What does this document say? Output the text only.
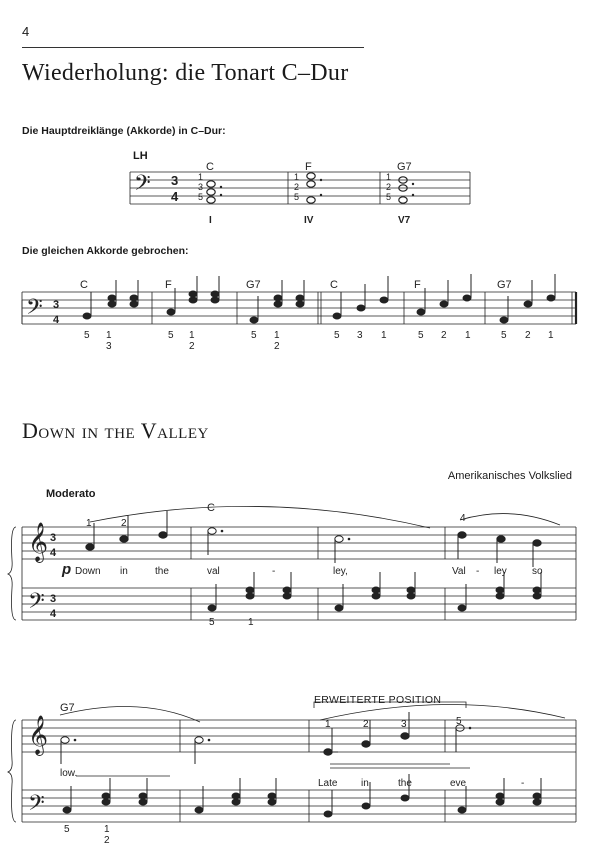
4
Wiederholung: die Tonart C–Dur
Die Hauptdreiklänge (Akkorde) in C–Dur:
LH
Die gleichen Akkorde gebrochen:
Down in the Valley
Amerikanisches Volkslied
Moderato
ERWEITERTE POSITION
𝄢 3
4
𝄢 3
4
𝄞 3
4
𝄢 3
4
𝄞
𝄢
C	F	G7
1
3
5
1
2
5
1
2
5
I	IV	V7
C	F	G7	C	F	G7
5 1	5 1	5 1	5 3 1	5 2 1	5 2 1
3	2	2
C
1	2	4
5	1
p Down in	the	val	-	ley,	Val - ley	so
G7
1	2	3	5
5	1
2
low.
Late in	the	eve	-
